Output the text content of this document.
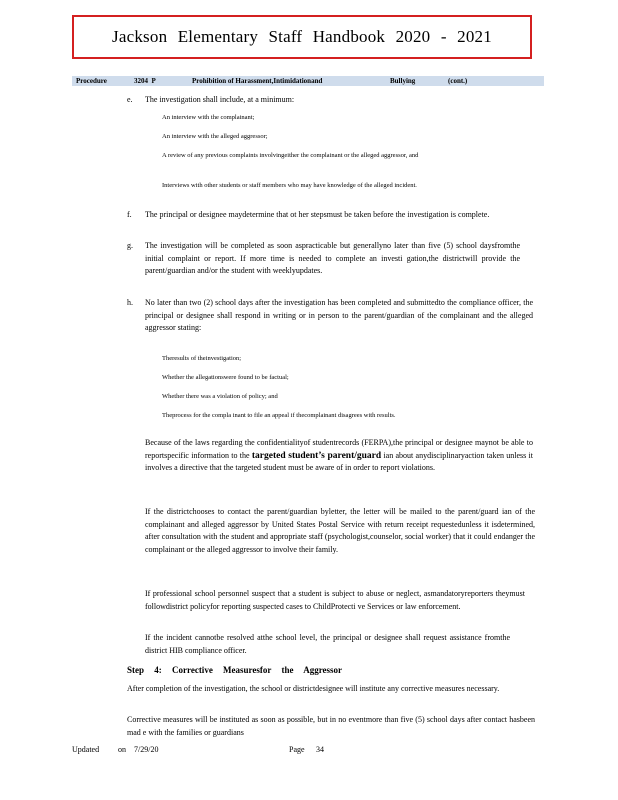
Jackson Elementary Staff Handbook 2020 - 2021
Procedure	3204 P	Prohibition of Harassment,Intimidationand	Bullying	(cont.)
e. The investigation shall include, at a minimum:
An interview with the complainant;
An interview with the alleged aggressor;
A review of any previous complaints involvingeither the complainant or the alleged aggressor, and
Interviews with other students or staff members who may have knowledge of the alleged incident.
f. The principal or designee maydetermine that ot her stepsmust be taken before the investigation is complete.
g. The investigation will be completed as soon aspracticable but generallyno later than five (5) school daysfromthe initial complaint or report. If more time is needed to complete an investi gation,the districtwill provide the parent/guardian and/or the student with weeklyupdates.
h. No later than two (2) school days after the investigation has been completed and submittedto the compliance officer, the principal or designee shall respond in writing or in person to the parent/guardian of the complainant and the alleged aggressor stating:
Theresults of theinvestigation;
Whether the allegationswere found to be factual;
Whether there was a violation of policy; and
Theprocess for the compla inant to file an appeal if thecomplainant disagrees with results.
Because of the laws regarding the confidentialityof studentrecords (FERPA),the principal or designee maynot be able to reportspecific information to the targeted student’s parent/guard ian about anydisciplinaryaction taken unless it involves a directive that the targeted student must be aware of in order to report violations.
If the districtchooses to contact the parent/guardian byletter, the letter will be mailed to the parent/guard ian of the complainant and alleged aggressor by United States Postal Service with return receipt requestedunless it isdetermined, after consultation with the student and appropriate staff (psychologist,counselor, social worker) that it could endanger the complainant or the alleged aggressor to involve their family.
If professional school personnel suspect that a student is subject to abuse or neglect, asmandatoryreporters theymust followdistrict policyfor reporting suspected cases to ChildProtecti ve Services or law enforcement.
If the incident cannotbe resolved atthe school level, the principal or designee shall request assistance fromthe district HIB compliance officer.
Step 4: Corrective Measuresfor the Aggressor
After completion of the investigation, the school or districtdesignee will institute any corrective measures necessary.
Corrective measures will be instituted as soon as possible, but in no eventmore than five (5) school days after contact hasbeen mad e with the families or guardians
Updated on 7/29/20	Page 34
